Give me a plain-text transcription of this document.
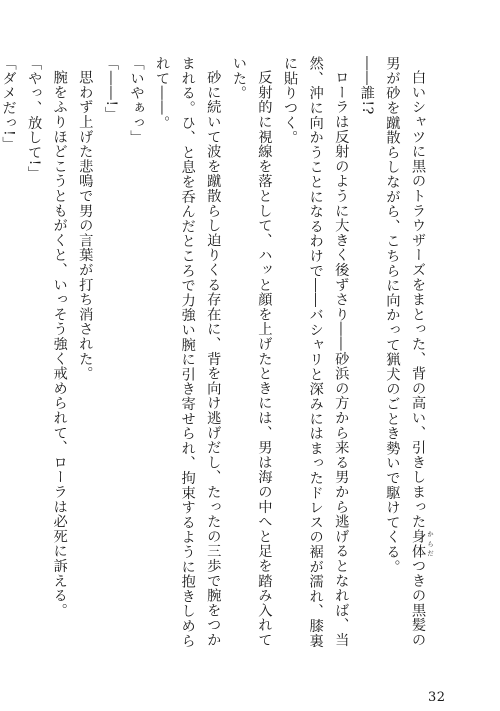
白いシャツに黒のトラウザーズをまとった、背の高い、引きしまった身体 からだつきの黒髪の男が砂を蹴散らしながら、こちらに向かって猟犬のごとき勢いで駆けてくる。

――誰!?

ローラは反射のように大きく後ずさり――砂浜の方から来る男から逃げるとなれば、当然、沖に向かうことになるわけで――バシャリと深みにはまったドレスの裾が濡れ、膝裏に貼りつく。

反射的に視線を落として、ハッと顔を上げたときには、男は海の中へと足を踏み入れていた。

砂に続いて波を蹴散らし迫りくる存在に、背を向け逃げだし、たったの三歩で腕をつかまれる。ひ、と息を呑んだところで力強い腕に引き寄せられ、拘束するように抱きしめられて――。

「いやぁっ」

「――!」

思わず上げた悲鳴で男の言葉が打ち消された。

腕をふりほどこうともがくと、いっそう強く戒められて、ローラは必死に訴える。

「やっ、放して!」

「ダメだっ!」

32
